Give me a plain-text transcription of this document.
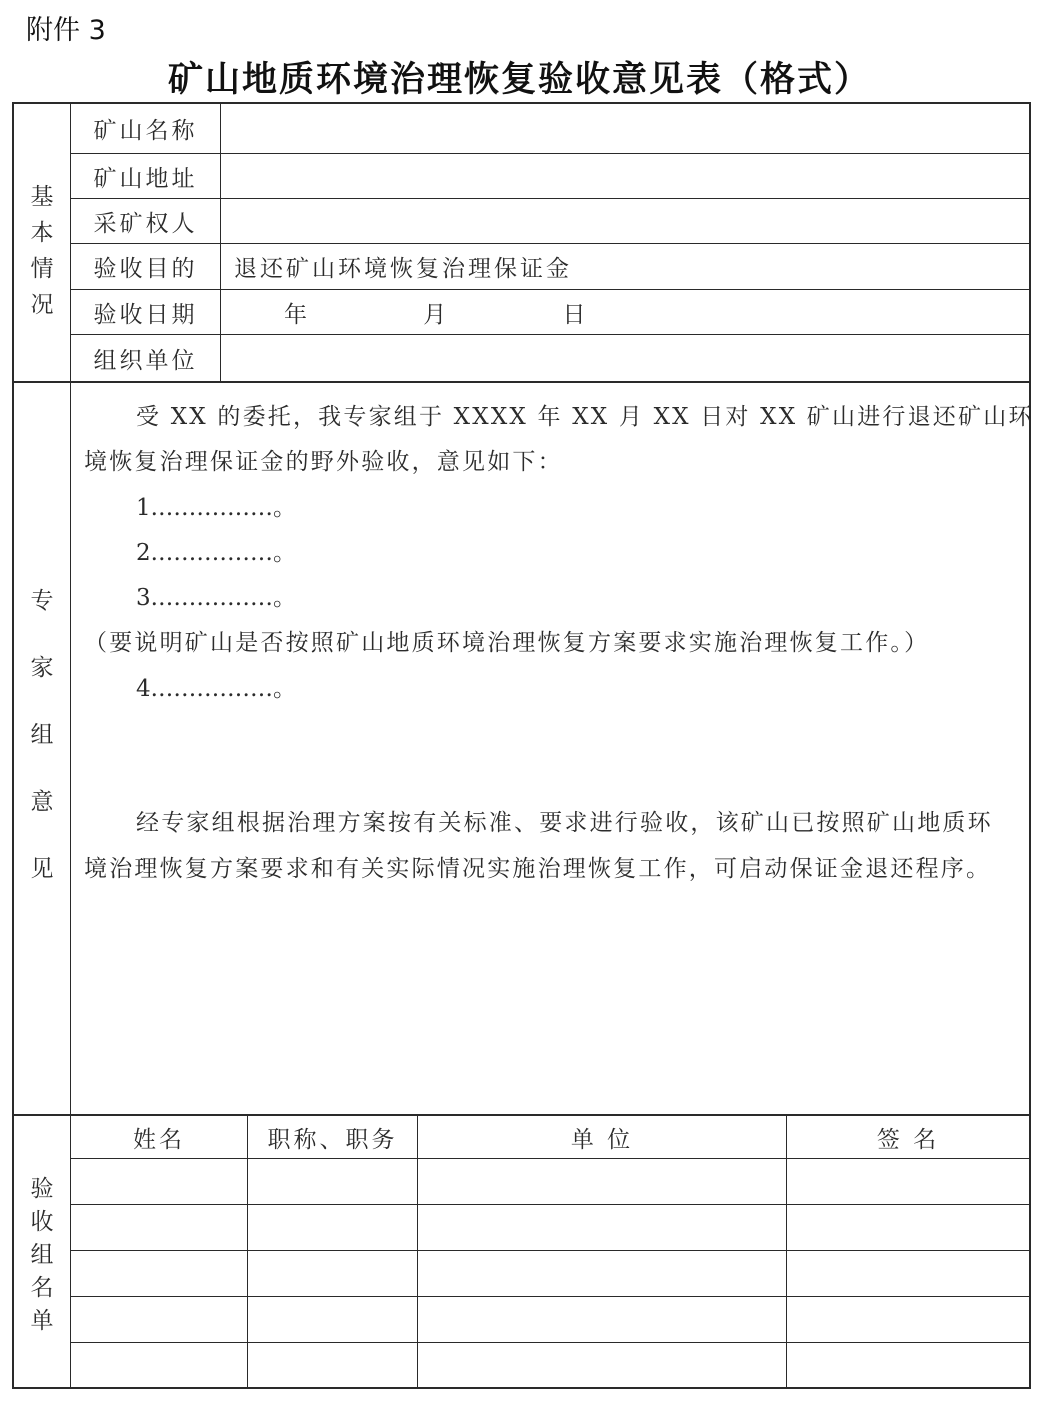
附件 3
矿山地质环境治理恢复验收意见表（格式）
基
本
情
况
矿山名称
矿山地址
采矿权人
验收目的	退还矿山环境恢复治理保证金
验收日期	年    月    日
组织单位
专
家
组
意
见
受 XX 的委托，我专家组于 XXXX 年 XX 月 XX 日对 XX 矿山进行退还矿山环
境恢复治理保证金的野外验收，意见如下：
1.……………。
2.……………。
3.……………。
（要说明矿山是否按照矿山地质环境治理恢复方案要求实施治理恢复工作。）
4.……………。
经专家组根据治理方案按有关标准、要求进行验收，该矿山已按照矿山地质环
境治理恢复方案要求和有关实际情况实施治理恢复工作，可启动保证金退还程序。
验
收
组
名
单
姓名	职称、职务	单 位	签 名
